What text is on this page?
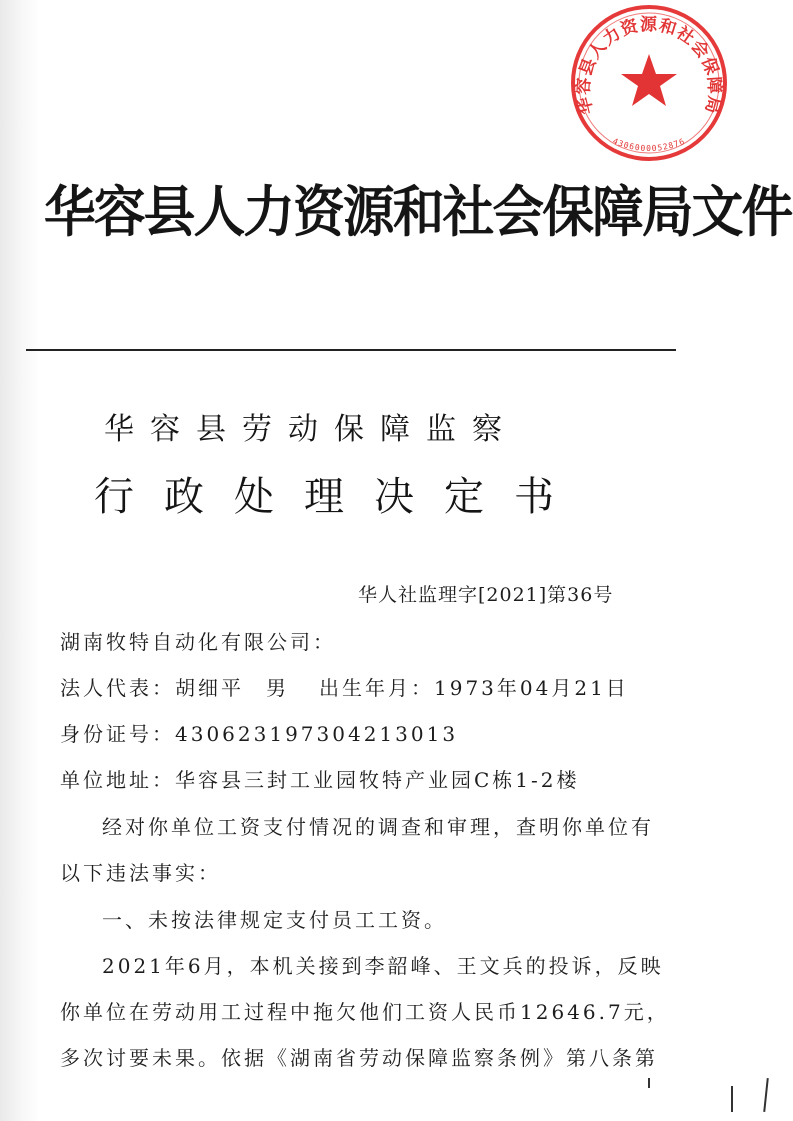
华容县人力资源和社会保障局
4306000052876
华容县人力资源和社会保障局文件
华容县劳动保障监察
行政处理决定书
华人社监理字[2021]第36号
湖南牧特自动化有限公司：
法人代表：胡细平 男 出生年月：1973年04月21日
身份证号：430623197304213013
单位地址：华容县三封工业园牧特产业园C栋1-2楼
经对你单位工资支付情况的调查和审理，查明你单位有
以下违法事实：
一、未按法律规定支付员工工资。
2021年6月，本机关接到李韶峰、王文兵的投诉，反映
你单位在劳动用工过程中拖欠他们工资人民币12646.7元，
多次讨要未果。依据《湖南省劳动保障监察条例》第八条第
